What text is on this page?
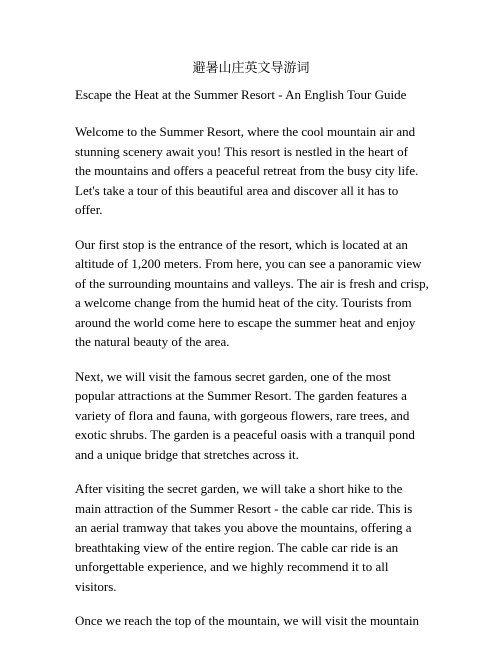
避暑山庄英文导游词
Escape the Heat at the Summer Resort - An English Tour Guide
Welcome to the Summer Resort, where the cool mountain air and
stunning scenery await you! This resort is nestled in the heart of
the mountains and offers a peaceful retreat from the busy city life.
Let's take a tour of this beautiful area and discover all it has to
offer.
Our first stop is the entrance of the resort, which is located at an
altitude of 1,200 meters. From here, you can see a panoramic view
of the surrounding mountains and valleys. The air is fresh and crisp,
a welcome change from the humid heat of the city. Tourists from
around the world come here to escape the summer heat and enjoy
the natural beauty of the area.
Next, we will visit the famous secret garden, one of the most
popular attractions at the Summer Resort. The garden features a
variety of flora and fauna, with gorgeous flowers, rare trees, and
exotic shrubs. The garden is a peaceful oasis with a tranquil pond
and a unique bridge that stretches across it.
After visiting the secret garden, we will take a short hike to the
main attraction of the Summer Resort - the cable car ride. This is
an aerial tramway that takes you above the mountains, offering a
breathtaking view of the entire region. The cable car ride is an
unforgettable experience, and we highly recommend it to all
visitors.
Once we reach the top of the mountain, we will visit the mountain
